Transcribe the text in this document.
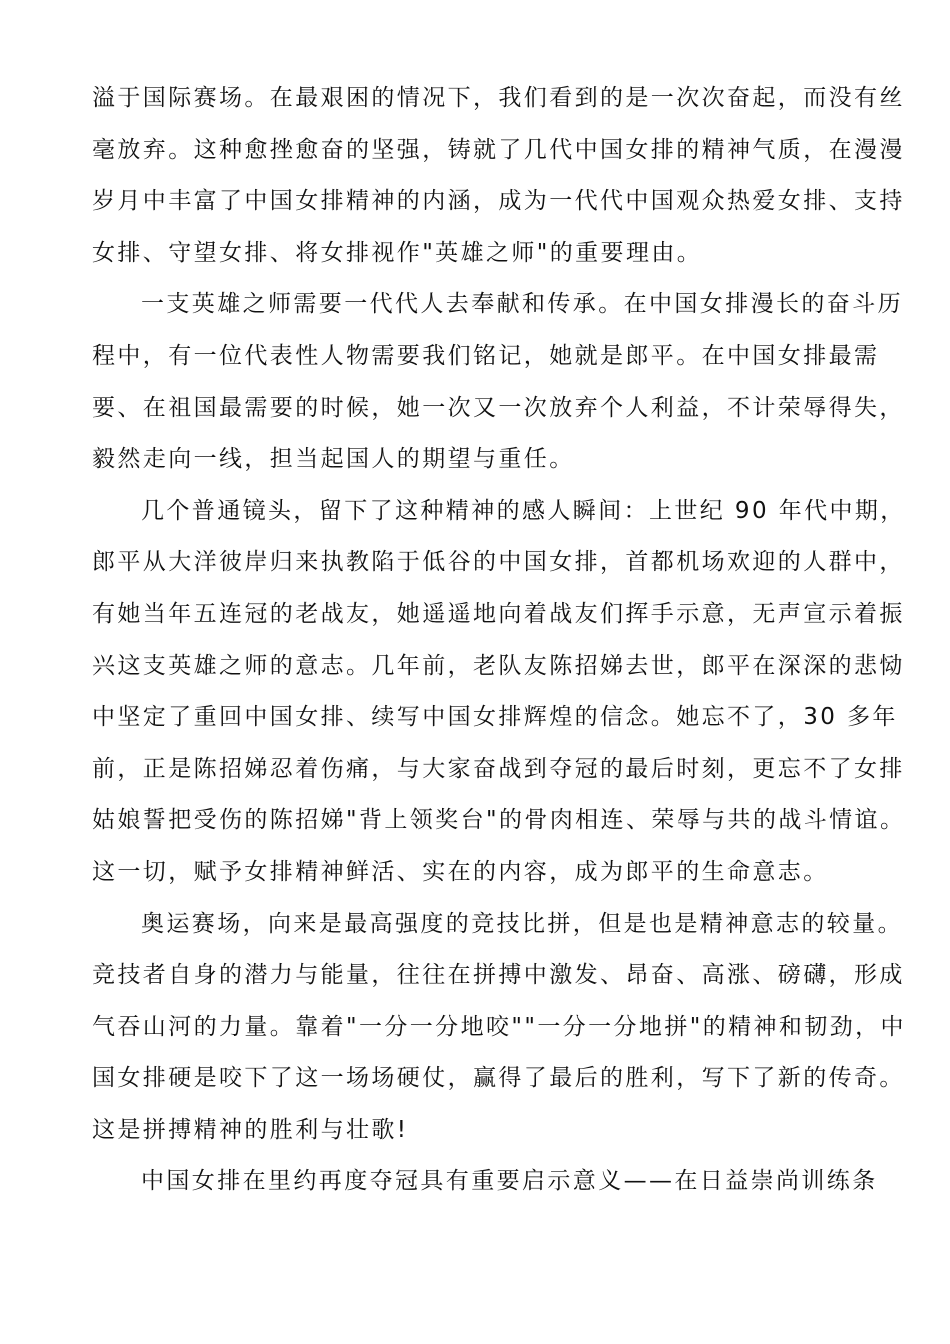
溢于国际赛场。在最艰困的情况下，我们看到的是一次次奋起，而没有丝
毫放弃。这种愈挫愈奋的坚强，铸就了几代中国女排的精神气质，在漫漫
岁月中丰富了中国女排精神的内涵，成为一代代中国观众热爱女排、支持
女排、守望女排、将女排视作"英雄之师"的重要理由。
一支英雄之师需要一代代人去奉献和传承。在中国女排漫长的奋斗历
程中，有一位代表性人物需要我们铭记，她就是郎平。在中国女排最需
要、在祖国最需要的时候，她一次又一次放弃个人利益，不计荣辱得失，
毅然走向一线，担当起国人的期望与重任。
几个普通镜头，留下了这种精神的感人瞬间：上世纪 90 年代中期，
郎平从大洋彼岸归来执教陷于低谷的中国女排，首都机场欢迎的人群中，
有她当年五连冠的老战友，她遥遥地向着战友们挥手示意，无声宣示着振
兴这支英雄之师的意志。几年前，老队友陈招娣去世，郎平在深深的悲恸
中坚定了重回中国女排、续写中国女排辉煌的信念。她忘不了，30 多年
前，正是陈招娣忍着伤痛，与大家奋战到夺冠的最后时刻，更忘不了女排
姑娘誓把受伤的陈招娣"背上领奖台"的骨肉相连、荣辱与共的战斗情谊。
这一切，赋予女排精神鲜活、实在的内容，成为郎平的生命意志。
奥运赛场，向来是最高强度的竞技比拼，但是也是精神意志的较量。
竞技者自身的潜力与能量，往往在拼搏中激发、昂奋、高涨、磅礴，形成
气吞山河的力量。靠着"一分一分地咬""一分一分地拼"的精神和韧劲，中
国女排硬是咬下了这一场场硬仗，赢得了最后的胜利，写下了新的传奇。
这是拼搏精神的胜利与壮歌!
中国女排在里约再度夺冠具有重要启示意义——在日益崇尚训练条
